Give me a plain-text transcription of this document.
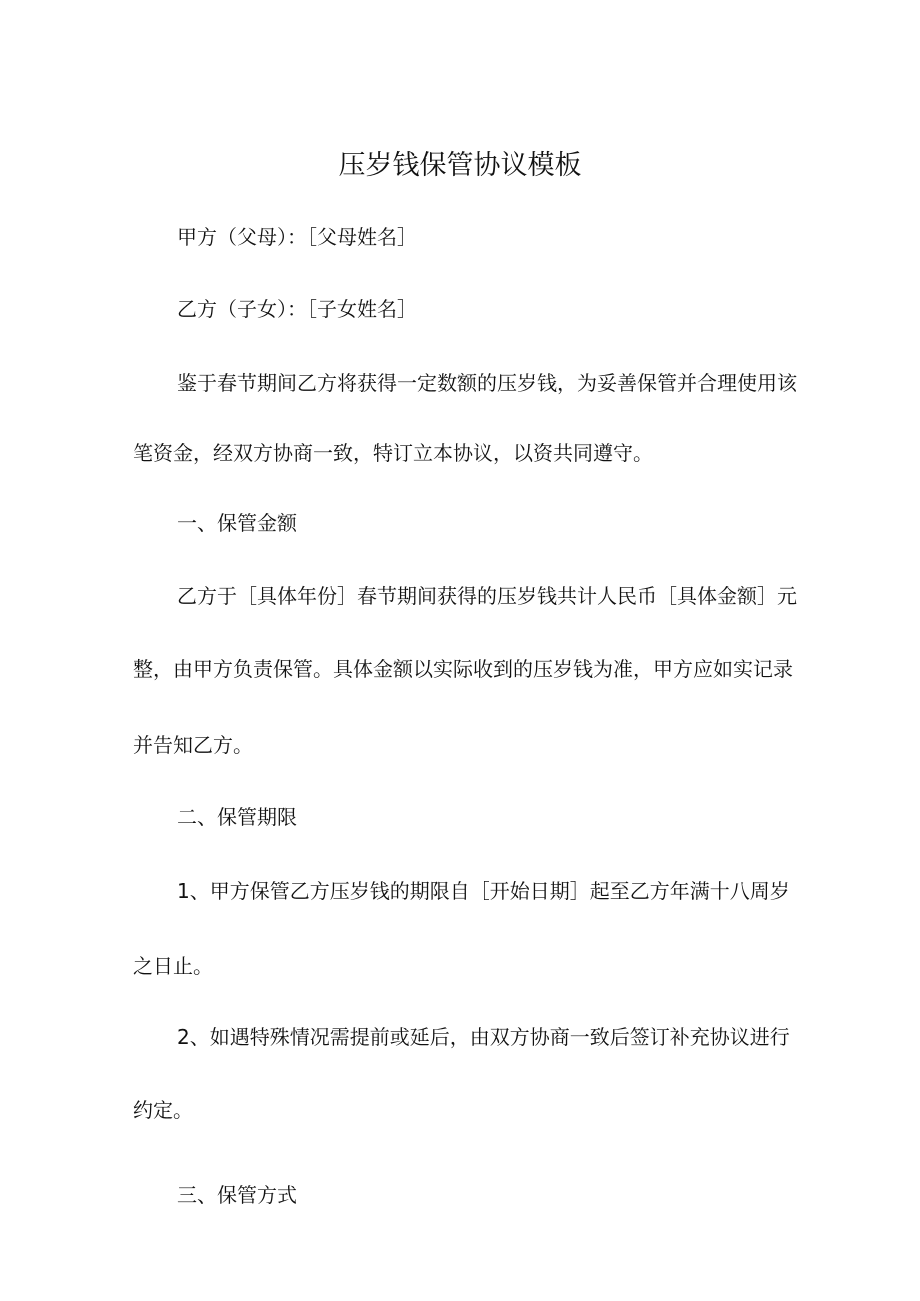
压岁钱保管协议模板

甲方（父母）：［父母姓名］

乙方（子女）：［子女姓名］

鉴于春节期间乙方将获得一定数额的压岁钱，为妥善保管并合理使用该

笔资金，经双方协商一致，特订立本协议，以资共同遵守。

一、保管金额

乙方于［具体年份］春节期间获得的压岁钱共计人民币［具体金额］元

整，由甲方负责保管。具体金额以实际收到的压岁钱为准，甲方应如实记录

并告知乙方。

二、保管期限

1、甲方保管乙方压岁钱的期限自［开始日期］起至乙方年满十八周岁

之日止。

2、如遇特殊情况需提前或延后，由双方协商一致后签订补充协议进行

约定。

三、保管方式
